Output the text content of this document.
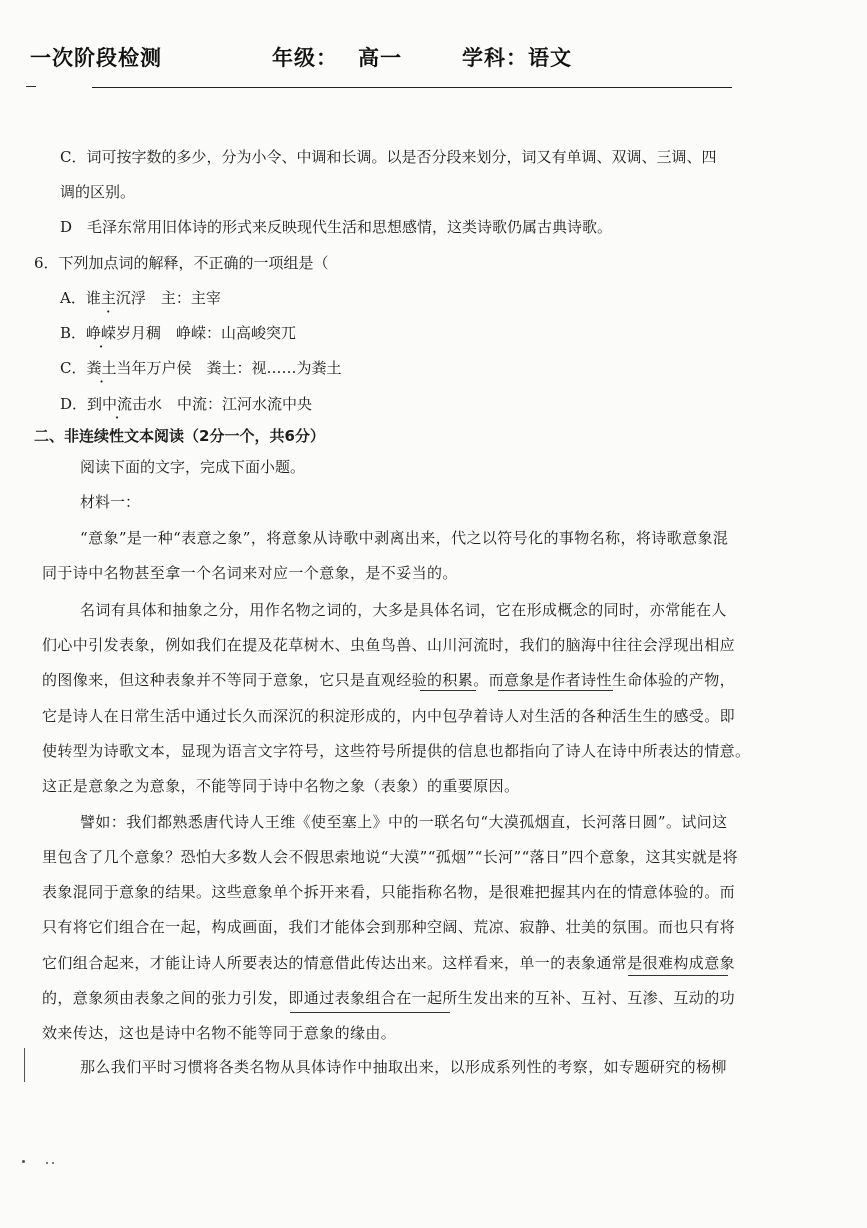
一次阶段检测	年级： 高一	学科：语文
C．词可按字数的多少，分为小令、中调和长调。以是否分段来划分，词又有单调、双调、三调、四
调的区别。
D　毛泽东常用旧体诗的形式来反映现代生活和思想感情，这类诗歌仍属古典诗歌。
6．下列加点词的解释，不正确的一项组是（
A．谁主沉浮　主：主宰
B．峥嵘岁月稠　峥嵘：山高峻突兀
C．粪土当年万户侯　粪土：视……为粪土
D．到中流击水　中流：江河水流中央
二、非连续性文本阅读（2分一个，共6分）
阅读下面的文字，完成下面小题。
材料一：
“意象”是一种“表意之象”，将意象从诗歌中剥离出来，代之以符号化的事物名称，将诗歌意象混
同于诗中名物甚至拿一个名词来对应一个意象，是不妥当的。
名词有具体和抽象之分，用作名物之词的，大多是具体名词，它在形成概念的同时，亦常能在人
们心中引发表象，例如我们在提及花草树木、虫鱼鸟兽、山川河流时，我们的脑海中往往会浮现出相应
的图像来，但这种表象并不等同于意象，它只是直观经验的积累。而意象是作者诗性生命体验的产物，
它是诗人在日常生活中通过长久而深沉的积淀形成的，内中包孕着诗人对生活的各种活生生的感受。即
使转型为诗歌文本，显现为语言文字符号，这些符号所提供的信息也都指向了诗人在诗中所表达的情意。
这正是意象之为意象，不能等同于诗中名物之象（表象）的重要原因。
譬如：我们都熟悉唐代诗人王维《使至塞上》中的一联名句“大漠孤烟直，长河落日圆”。试问这
里包含了几个意象？恐怕大多数人会不假思索地说“大漠”“孤烟”“长河”“落日”四个意象，这其实就是将
表象混同于意象的结果。这些意象单个拆开来看，只能指称名物，是很难把握其内在的情意体验的。而
只有将它们组合在一起，构成画面，我们才能体会到那种空阔、荒凉、寂静、壮美的氛围。而也只有将
它们组合起来，才能让诗人所要表达的情意借此传达出来。这样看来，单一的表象通常是很难构成意象
的，意象须由表象之间的张力引发，即通过表象组合在一起所生发出来的互补、互衬、互渗、互动的功
效来传达，这也是诗中名物不能等同于意象的缘由。
那么我们平时习惯将各类名物从具体诗作中抽取出来，以形成系列性的考察，如专题研究的杨柳
